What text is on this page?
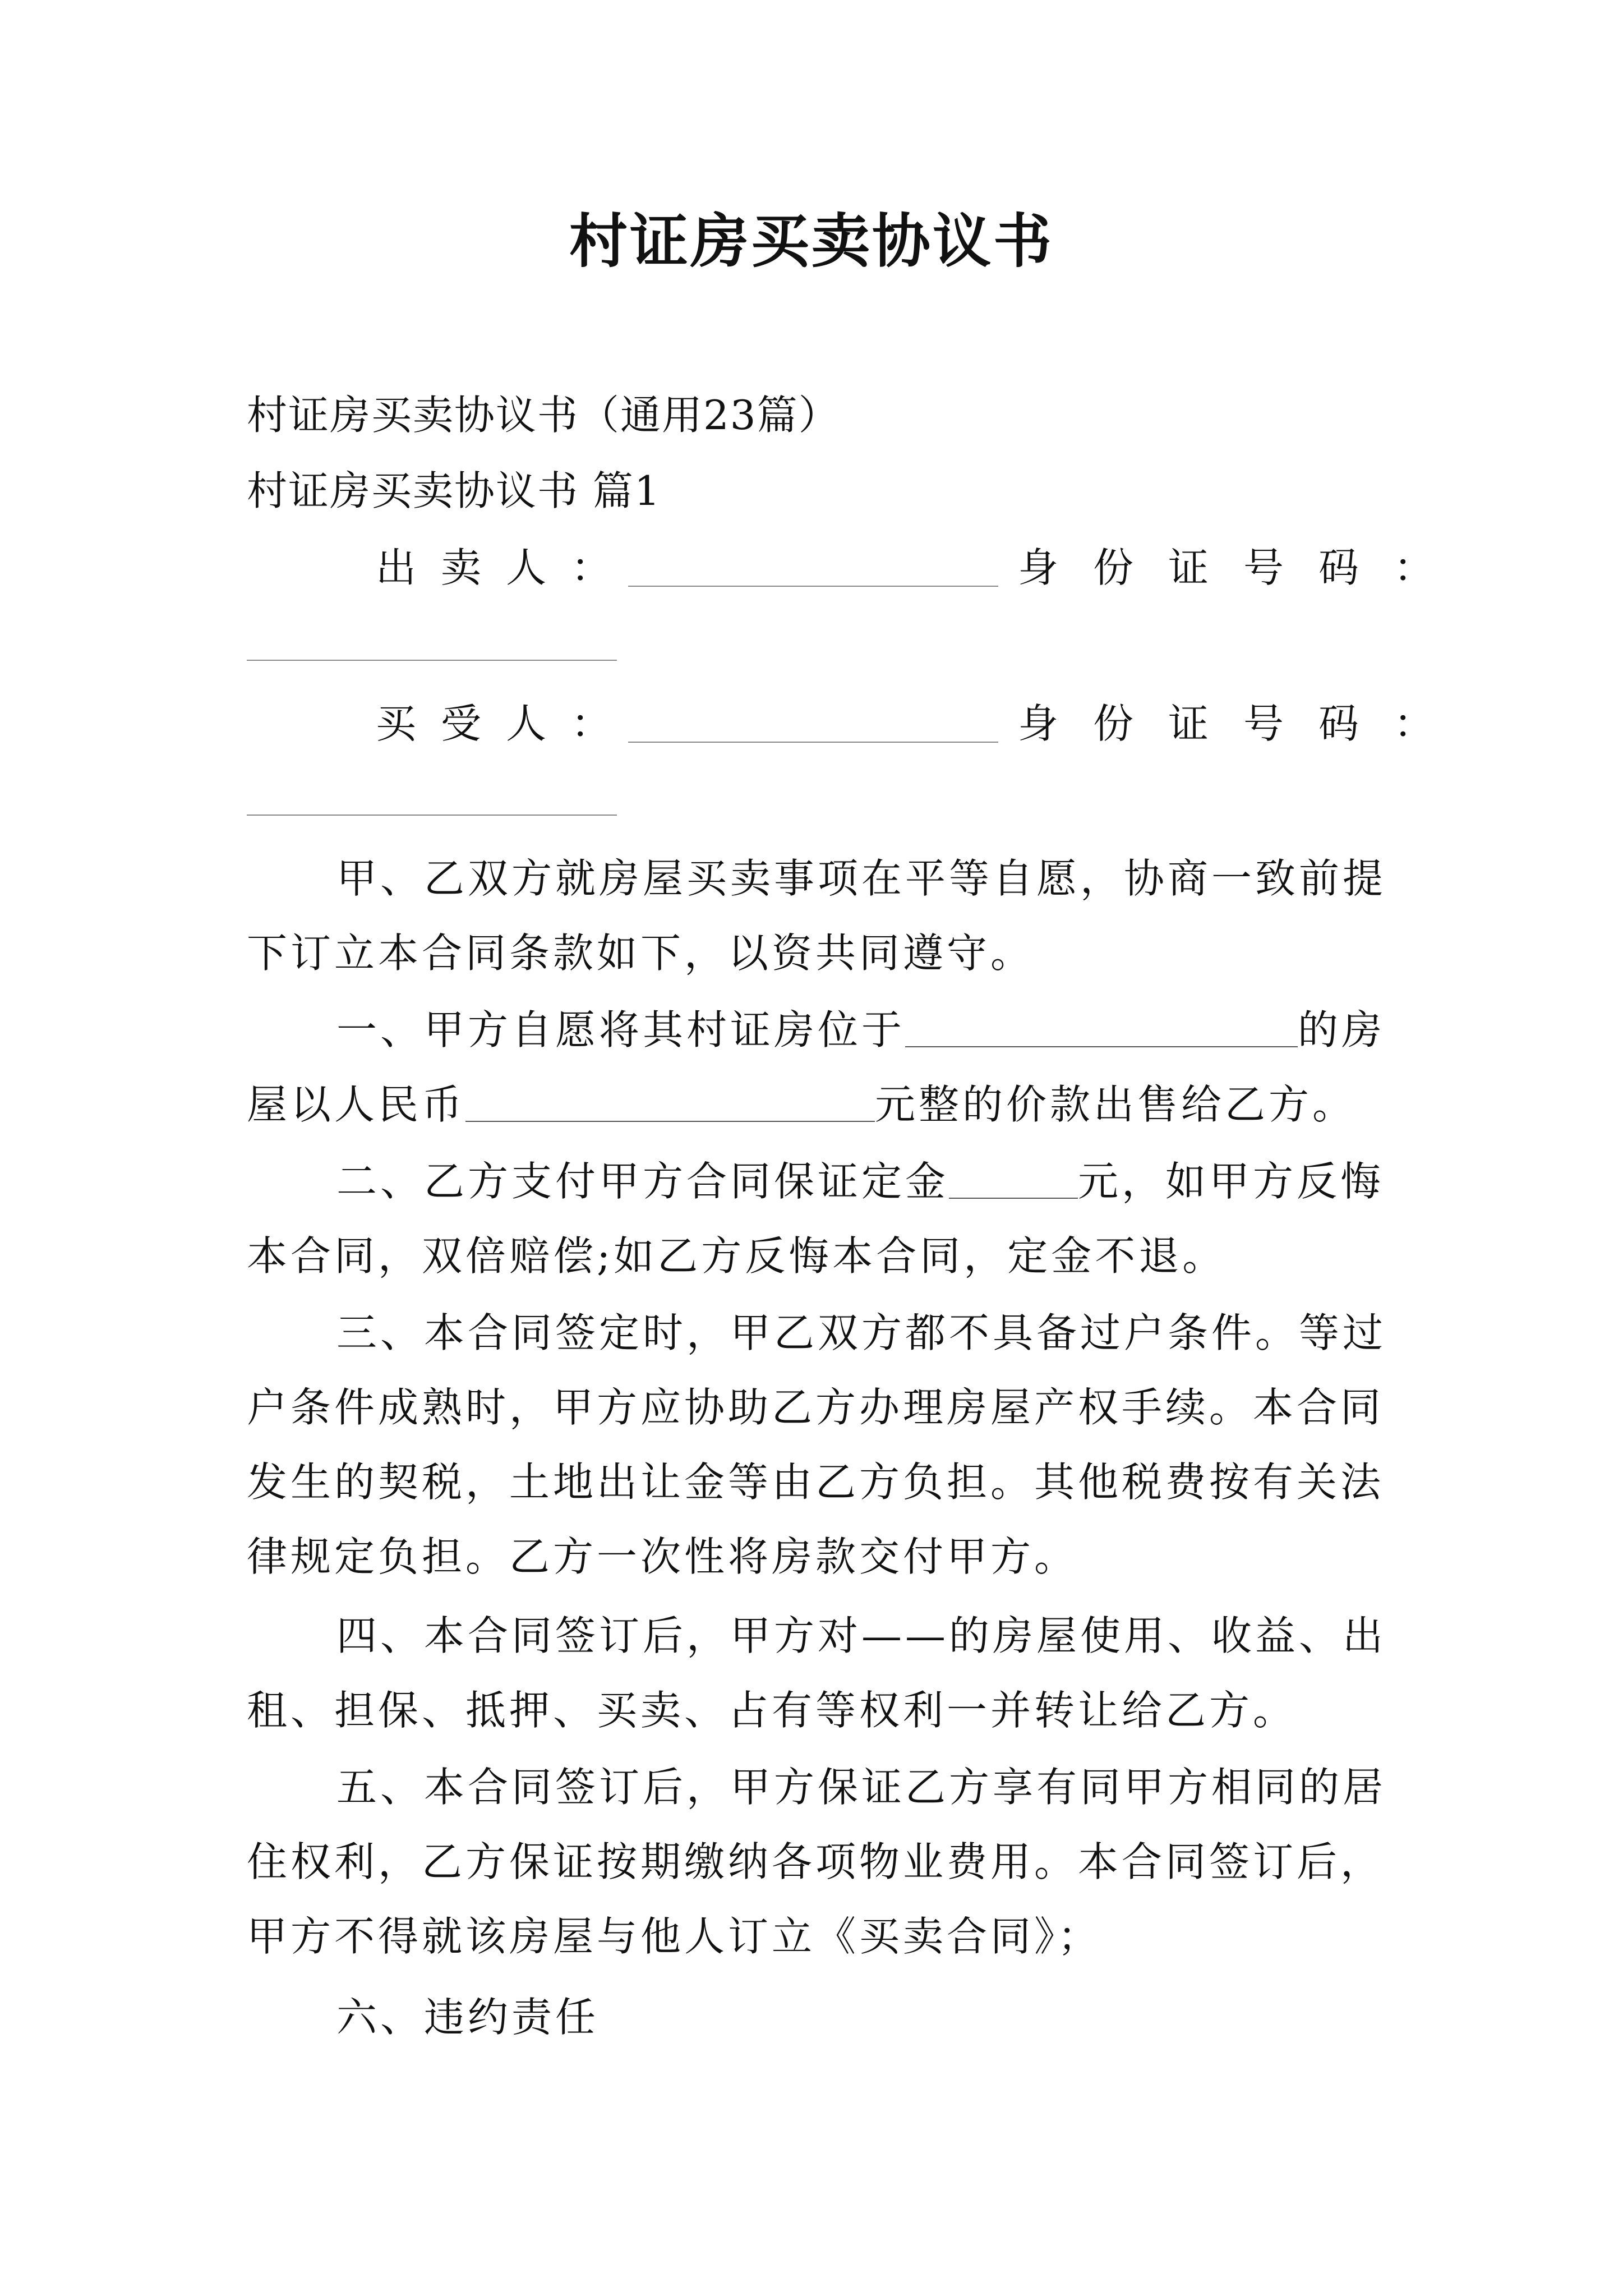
村证房买卖协议书
村证房买卖协议书（通用23篇）
村证房买卖协议书 篇1
出卖人：	身份证号码：
买受人：	身份证号码：
甲、乙双方就房屋买卖事项在平等自愿，协商一致前提
下订立本合同条款如下，以资共同遵守。
一、甲方自愿将其村证房位于	的房
屋以人民币	元整的价款出售给乙方。
二、乙方支付甲方合同保证定金	元，如甲方反悔
本合同，双倍赔偿;如乙方反悔本合同，定金不退。
三、本合同签定时，甲乙双方都不具备过户条件。等过
户条件成熟时，甲方应协助乙方办理房屋产权手续。本合同
发生的契税，土地出让金等由乙方负担。其他税费按有关法
律规定负担。乙方一次性将房款交付甲方。
四、本合同签订后，甲方对——的房屋使用、收益、出
租、担保、抵押、买卖、占有等权利一并转让给乙方。
五、本合同签订后，甲方保证乙方享有同甲方相同的居
住权利，乙方保证按期缴纳各项物业费用。本合同签订后，
甲方不得就该房屋与他人订立《买卖合同》；
六、违约责任
